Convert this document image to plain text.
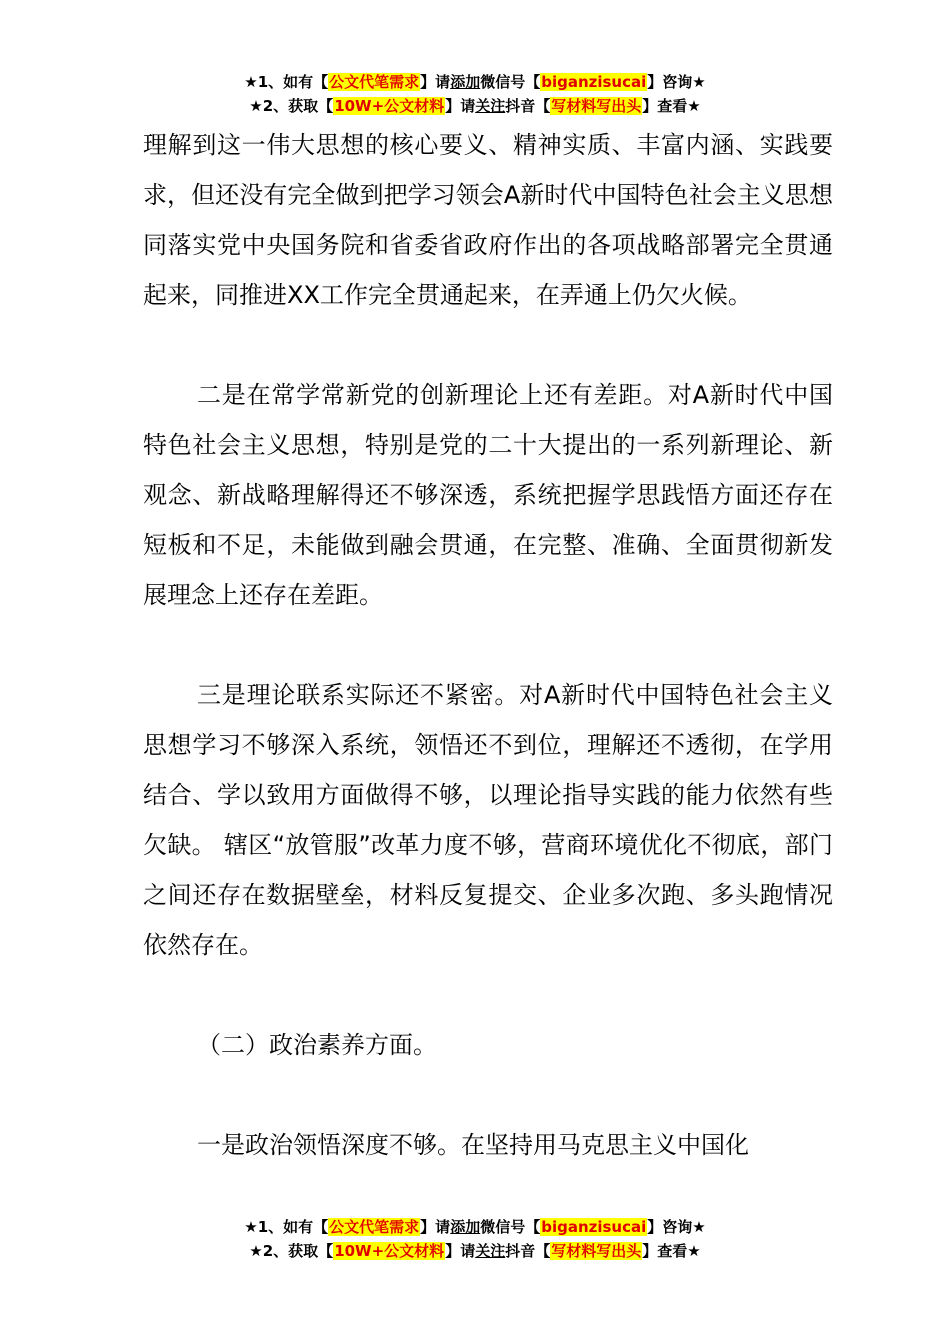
★1、如有【公文代笔需求】请添加微信号【biganzisucai】咨询★
★2、获取【10W+公文材料】请关注抖音【写材料写出头】查看★

理解到这一伟大思想的核心要义、精神实质、丰富内涵、实践要求，但还没有完全做到把学习领会A新时代中国特色社会主义思想同落实党中央国务院和省委省政府作出的各项战略部署完全贯通起来，同推进XX工作完全贯通起来，在弄通上仍欠火候。

二是在常学常新党的创新理论上还有差距。对A新时代中国特色社会主义思想，特别是党的二十大提出的一系列新理论、新观念、新战略理解得还不够深透，系统把握学思践悟方面还存在短板和不足，未能做到融会贯通，在完整、准确、全面贯彻新发展理念上还存在差距。

三是理论联系实际还不紧密。对A新时代中国特色社会主义思想学习不够深入系统，领悟还不到位，理解还不透彻，在学用结合、学以致用方面做得不够，以理论指导实践的能力依然有些欠缺。 辖区“放管服”改革力度不够，营商环境优化不彻底，部门之间还存在数据壁垒，材料反复提交、企业多次跑、多头跑情况依然存在。

（二）政治素养方面。

一是政治领悟深度不够。在坚持用马克思主义中国化

★1、如有【公文代笔需求】请添加微信号【biganzisucai】咨询★
★2、获取【10W+公文材料】请关注抖音【写材料写出头】查看★
